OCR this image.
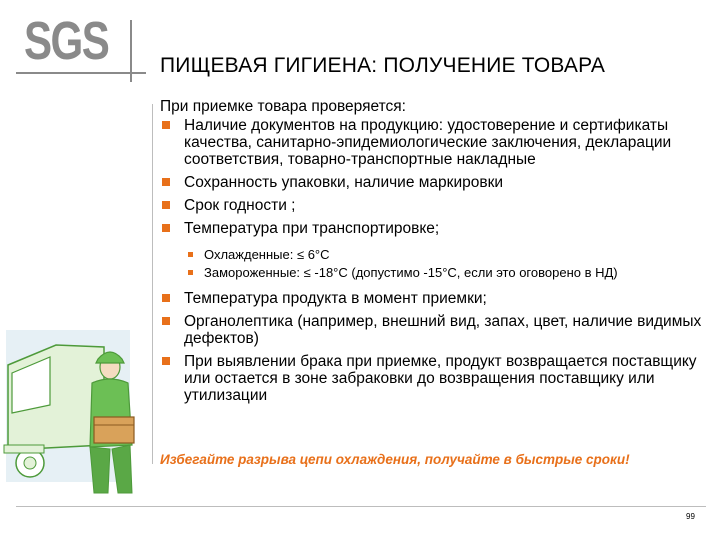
SGS ПИЩЕВАЯ ГИГИЕНА: ПОЛУЧЕНИЕ ТОВАРА
При приемке товара проверяется:
Наличие документов на продукцию: удостоверение и сертификаты качества, санитарно-эпидемиологические заключения, декларации соответствия, товарно-транспортные накладные
Сохранность упаковки, наличие маркировки
Срок годности ;
Температура при транспортировке;
Охлажденные: ≤ 6°С
Замороженные: ≤ -18°С (допустимо -15°С, если это оговорено в НД)
Температура продукта в момент приемки;
Органолептика (например, внешний вид, запах, цвет, наличие видимых дефектов)
При выявлении брака при приемке, продукт возвращается поставщику или остается в зоне забраковки до возвращения поставщику или утилизации
Избегайте разрыва цепи охлаждения, получайте в быстрые сроки!
99
